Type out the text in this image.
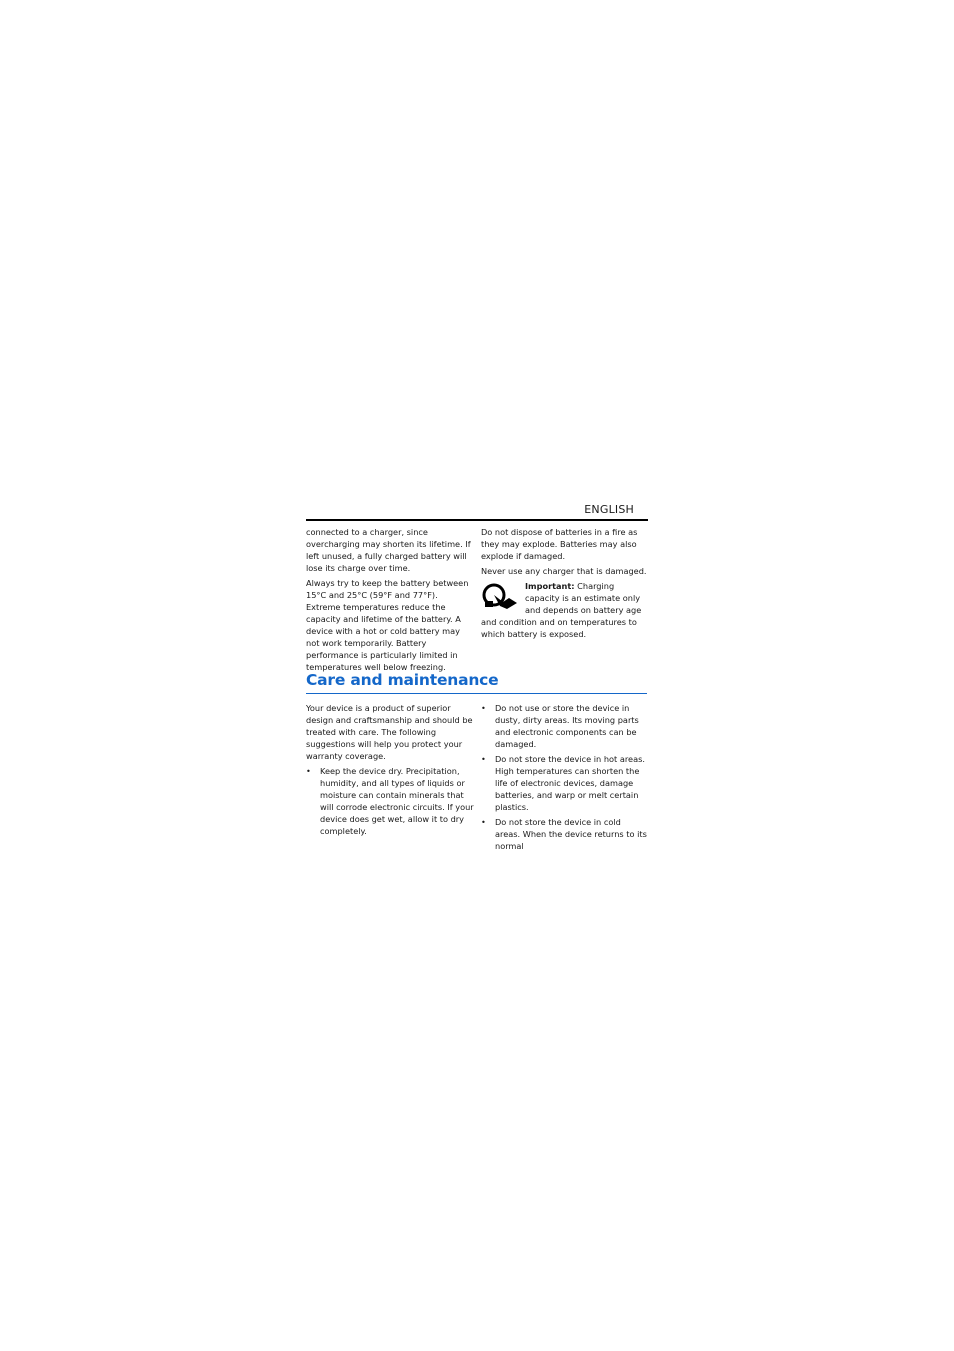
ENGLISH

connected to a charger, since overcharging may shorten its lifetime. If left unused, a fully charged battery will lose its charge over time.

Always try to keep the battery between 15°C and 25°C (59°F and 77°F). Extreme temperatures reduce the capacity and lifetime of the battery. A device with a hot or cold battery may not work temporarily. Battery performance is particularly limited in temperatures well below freezing.

Do not dispose of batteries in a fire as they may explode. Batteries may also explode if damaged.

Never use any charger that is damaged.

Important: Charging capacity is an estimate only and depends on battery age and condition and on temperatures to which battery is exposed.
Care and maintenance

Your device is a product of superior design and craftsmanship and should be treated with care. The following suggestions will help you protect your warranty coverage.

• Keep the device dry. Precipitation, humidity, and all types of liquids or moisture can contain minerals that will corrode electronic circuits. If your device does get wet, allow it to dry completely.
• Do not use or store the device in dusty, dirty areas. Its moving parts and electronic components can be damaged.
• Do not store the device in hot areas. High temperatures can shorten the life of electronic devices, damage batteries, and warp or melt certain plastics.
• Do not store the device in cold areas. When the device returns to its normal
